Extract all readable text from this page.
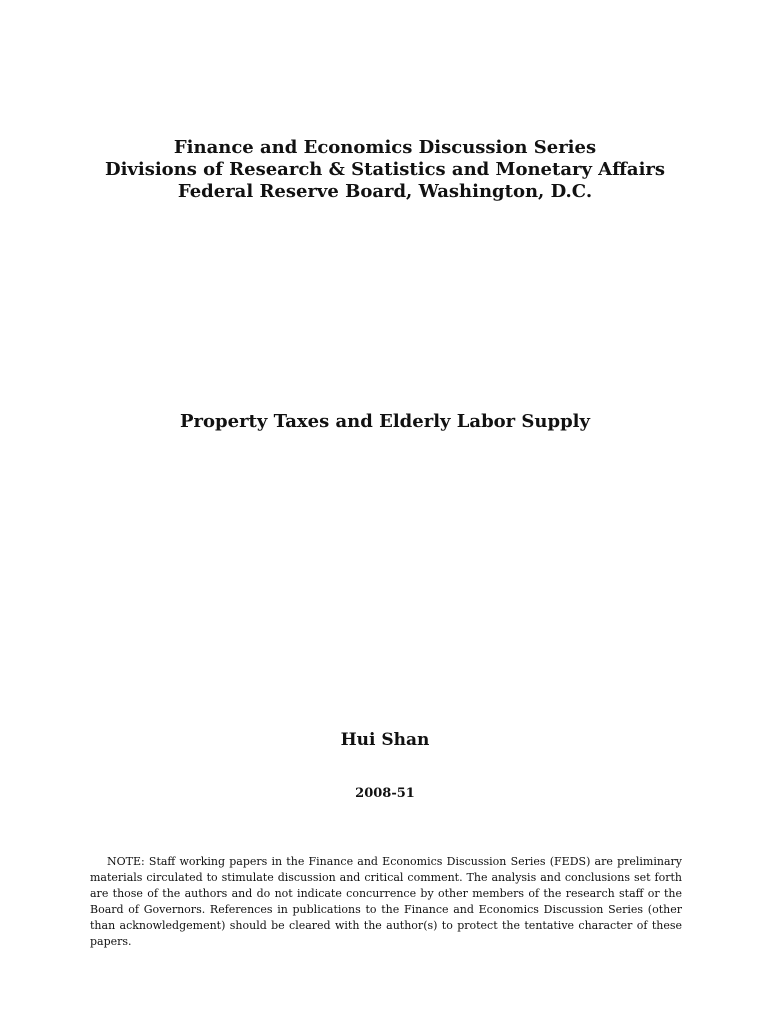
Finance and Economics Discussion Series
Divisions of Research & Statistics and Monetary Affairs
Federal Reserve Board, Washington, D.C.
Property Taxes and Elderly Labor Supply
Hui Shan
2008-51
NOTE: Staff working papers in the Finance and Economics Discussion Series (FEDS) are preliminary materials circulated to stimulate discussion and critical comment. The analysis and conclusions set forth are those of the authors and do not indicate concurrence by other members of the research staff or the Board of Governors. References in publications to the Finance and Economics Discussion Series (other than acknowledgement) should be cleared with the author(s) to protect the tentative character of these papers.
